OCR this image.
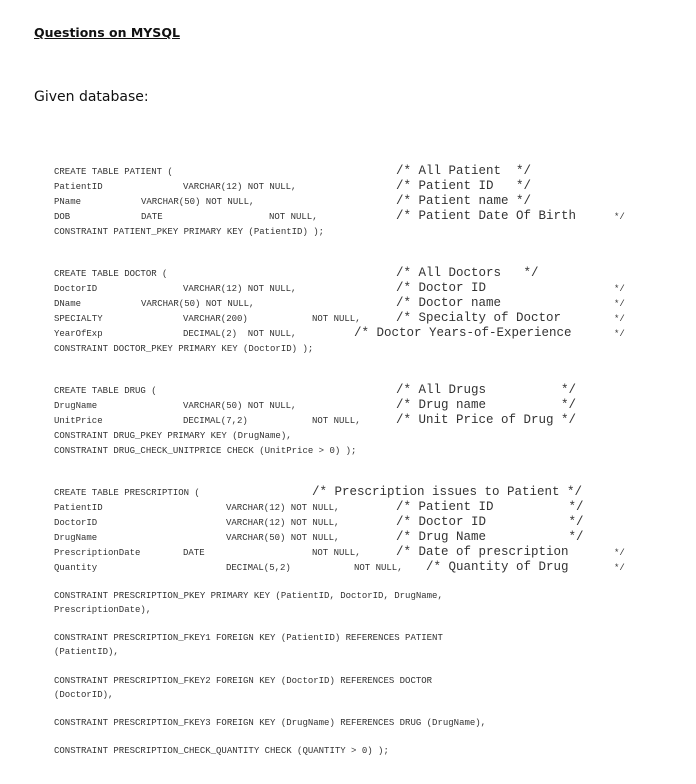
Questions on MYSQL
Given database:
CREATE TABLE PATIENT (	/* All Patient  */
PatientID	VARCHAR(12) NOT NULL,	/* Patient ID   */
PName	VARCHAR(50) NOT NULL,	/* Patient name */
DOB	DATE	NOT NULL,	/* Patient Date Of Birth	*/
CONSTRAINT PATIENT_PKEY PRIMARY KEY (PatientID) );
CREATE TABLE DOCTOR (	/* All Doctors   */
DoctorID	VARCHAR(12) NOT NULL,	/* Doctor ID	*/
DName	VARCHAR(50) NOT NULL,	/* Doctor name	*/
SPECIALTY	VARCHAR(200)	NOT NULL,	/* Specialty of Doctor	*/
YearOfExp	DECIMAL(2)  NOT NULL,	/* Doctor Years-of-Experience	*/
CONSTRAINT DOCTOR_PKEY PRIMARY KEY (DoctorID) );
CREATE TABLE DRUG (	/* All Drugs          */
DrugName	VARCHAR(50) NOT NULL,	/* Drug name          */
UnitPrice	DECIMAL(7,2)	NOT NULL,	/* Unit Price of Drug */
CONSTRAINT DRUG_PKEY PRIMARY KEY (DrugName),
CONSTRAINT DRUG_CHECK_UNITPRICE CHECK (UnitPrice > 0) );
CREATE TABLE PRESCRIPTION (	/* Prescription issues to Patient */
PatientID	VARCHAR(12) NOT NULL,	/* Patient ID          */
DoctorID	VARCHAR(12) NOT NULL,	/* Doctor ID           */
DrugName	VARCHAR(50) NOT NULL,	/* Drug Name           */
PrescriptionDate	DATE	NOT NULL,	/* Date of prescription	*/
Quantity	DECIMAL(5,2)	NOT NULL, /* Quantity of Drug	*/
CONSTRAINT PRESCRIPTION_PKEY PRIMARY KEY (PatientID, DoctorID, DrugName,
PrescriptionDate),
CONSTRAINT PRESCRIPTION_FKEY1 FOREIGN KEY (PatientID) REFERENCES PATIENT
(PatientID),
CONSTRAINT PRESCRIPTION_FKEY2 FOREIGN KEY (DoctorID) REFERENCES DOCTOR
(DoctorID),
CONSTRAINT PRESCRIPTION_FKEY3 FOREIGN KEY (DrugName) REFERENCES DRUG (DrugName),
CONSTRAINT PRESCRIPTION_CHECK_QUANTITY CHECK (QUANTITY > 0) );
